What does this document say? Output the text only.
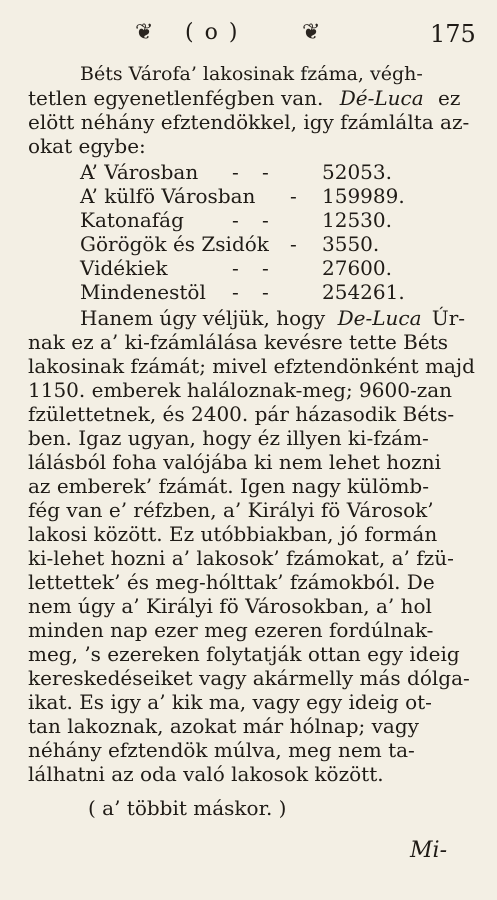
❦ ( o )	❦	175
Béts Várofa’ lakosinak fzáma, végh-
tetlen egyenetlenfégben van. Dé-Luca ez
elött néhány efztendökkel, igy fzámlálta az-
okat egybe:
A’ Városban - -	52053.
A’ külfö Városban - 159989.
Katonafág - -	12530.
Görögök és Zsidók - 3550.
Vidékiek	- -	27600.
Mindenestöl - -	254261.
Hanem úgy véljük, hogy De-Luca Úr-
nak ez a’ ki-fzámlálása kevésre tette Béts
lakosinak fzámát; mivel efztendönként majd
1150. emberek haláloznak-meg; 9600-zan
fzülettetnek, és 2400. pár házasodik Béts-
ben. Igaz ugyan, hogy éz illyen ki-fzám-
lálásból foha valójába ki nem lehet hozni
az emberek’ fzámát. Igen nagy külömb-
fég van e’ réfzben, a’ Királyi fö Városok’
lakosi között. Ez utóbbiakban, jó formán
ki-lehet hozni a’ lakosok’ fzámokat, a’ fzü-
lettettek’ és meg-hólttak’ fzámokból. De
nem úgy a’ Királyi fö Városokban, a’ hol
minden nap ezer meg ezeren fordúlnak-
meg, ’s ezereken folytatják ottan egy ideig
kereskedéseiket vagy akármelly más dólga-
ikat. Es igy a’ kik ma, vagy egy ideig ot-
tan lakoznak, azokat már hólnap; vagy
néhány efztendök múlva, meg nem ta-
lálhatni az oda való lakosok között.
( a’ többit máskor. )
Mi-
